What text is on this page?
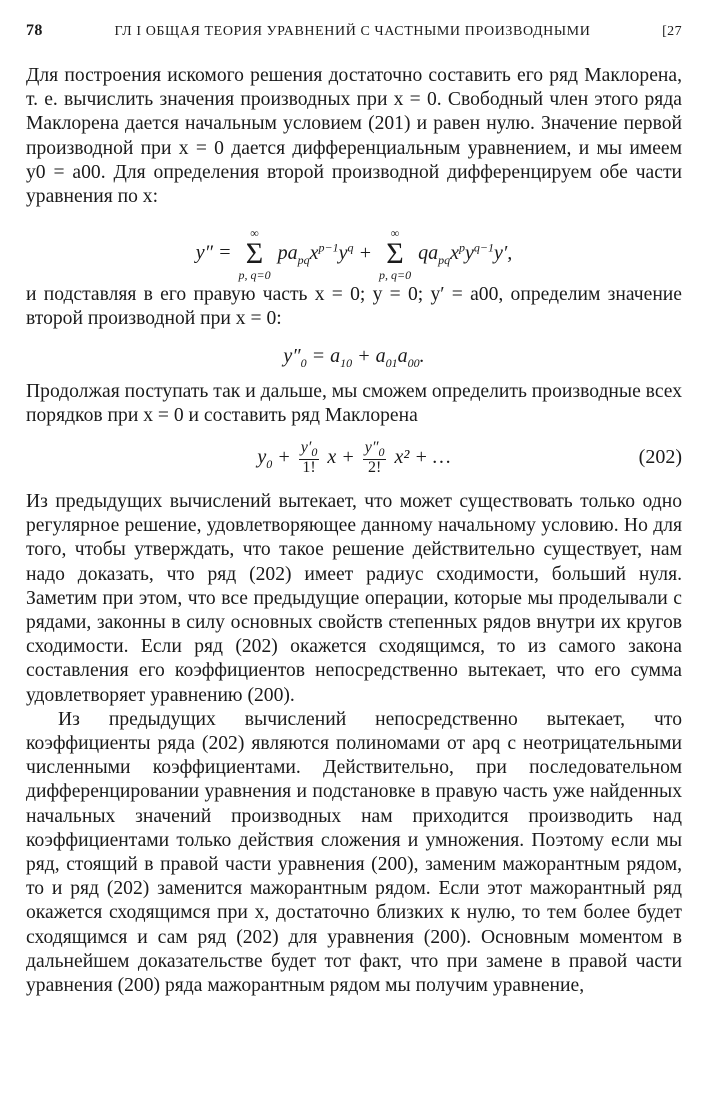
78	ГЛ I ОБЩАЯ ТЕОРИЯ УРАВНЕНИЙ С ЧАСТНЫМИ ПРОИЗВОДНЫМИ	[27

Для построения искомого решения достаточно составить его ряд Маклорена, т. е. вычислить значения производных при x = 0. Свободный член этого ряда Маклорена дается начальным условием (201) и равен нулю. Значение первой производной при x = 0 дается дифференциальным уравнением, и мы имеем y0 = a00. Для определения второй производной дифференцируем обе части уравнения по x:

y″ =
∞
Σ
p, q=0
$pa_{pq}x^{p-1}y^q$ +
∞
Σ
p, q=0
$qa_{pq}x^py^{q-1}y'$,

и подставляя в его правую часть x = 0; y = 0; y′ = a00, определим значение второй производной при x = 0:

$y''_0 = a_{10} + a_{01}a_{00}$.

Продолжая поступать так и дальше, мы сможем определить производные всех порядков при x = 0 и составить ряд Маклорена

$y_0 + \frac{y'_0}{1!}$ $x + \frac{y''_0}{2!} x^2$ + …	(202)

Из предыдущих вычислений вытекает, что может существовать только одно регулярное решение, удовлетворяющее данному начальному условию. Но для того, чтобы утверждать, что такое решение действительно существует, нам надо доказать, что ряд (202) имеет радиус сходимости, больший нуля. Заметим при этом, что все предыдущие операции, которые мы проделывали с рядами, законны в силу основных свойств степенных рядов внутри их кругов сходимости. Если ряд (202) окажется сходящимся, то из самого закона составления его коэффициентов непосредственно вытекает, что его сумма удовлетворяет уравнению (200).

Из предыдущих вычислений непосредственно вытекает, что коэффициенты ряда (202) являются полиномами от apq с неотрицательными численными коэффициентами. Действительно, при последовательном дифференцировании уравнения и подстановке в правую часть уже найденных начальных значений производных нам приходится производить над коэффициентами только действия сложения и умножения. Поэтому если мы ряд, стоящий в правой части уравнения (200), заменим мажорантным рядом, то и ряд (202) заменится мажорантным рядом. Если этот мажорантный ряд окажется сходящимся при x, достаточно близких к нулю, то тем более будет сходящимся и сам ряд (202) для уравнения (200). Основным моментом в дальнейшем доказательстве будет тот факт, что при замене в правой части уравнения (200) ряда мажорантным рядом мы получим уравнение,
